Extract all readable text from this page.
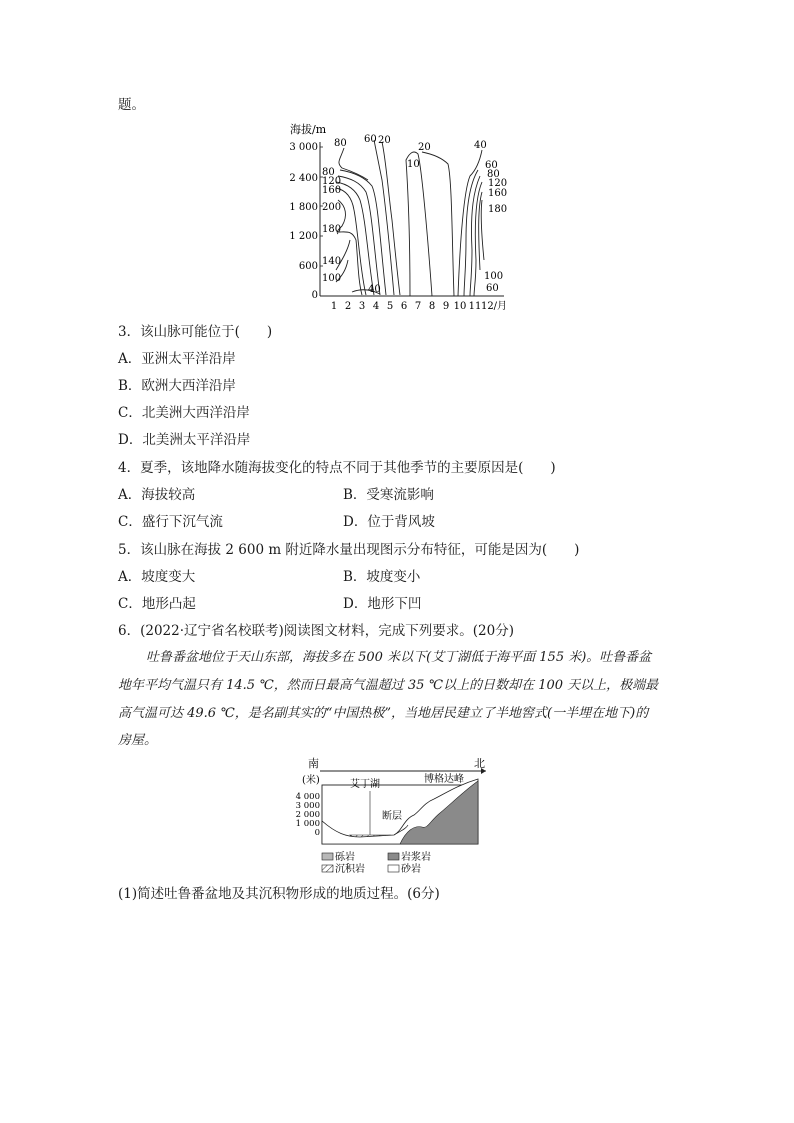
题。
海拔/m
3 000
2 400
1 800
1 200
600
0
1 2 3 4 5 6 7 8 9 10 11 12/月
80 60 20
20	40
10	60
80	80
120	120
160	160
200	180
180
140
100	100
40	60
3．该山脉可能位于(　　)
A．亚洲太平洋沿岸
B．欧洲大西洋沿岸
C．北美洲大西洋沿岸
D．北美洲太平洋沿岸
4．夏季，该地降水随海拔变化的特点不同于其他季节的主要原因是(　　)
A．海拔较高	B．受寒流影响
C．盛行下沉气流	D．位于背风坡
5．该山脉在海拔 2 600 m 附近降水量出现图示分布特征，可能是因为(　　)
A．坡度变大	B．坡度变小
C．地形凸起	D．地形下凹
6．(2022·辽宁省名校联考)阅读图文材料，完成下列要求。(20分)
吐鲁番盆地位于天山东部，海拔多在 500 米以下(艾丁湖低于海平面 155 米)。吐鲁番盆
地年平均气温只有 14.5 ℃，然而日最高气温超过 35 ℃以上的日数却在 100 天以上，极端最
高气温可达 49.6 ℃，是名副其实的“中国热极”，当地居民建立了半地窖式(一半埋在地下)的
房屋。
南	北
(米)
4 000
3 000
2 000
1 000
0
艾丁湖
断层
博格达峰
砾岩	岩浆岩
沉积岩	砂岩
(1)简述吐鲁番盆地及其沉积物形成的地质过程。(6分)
